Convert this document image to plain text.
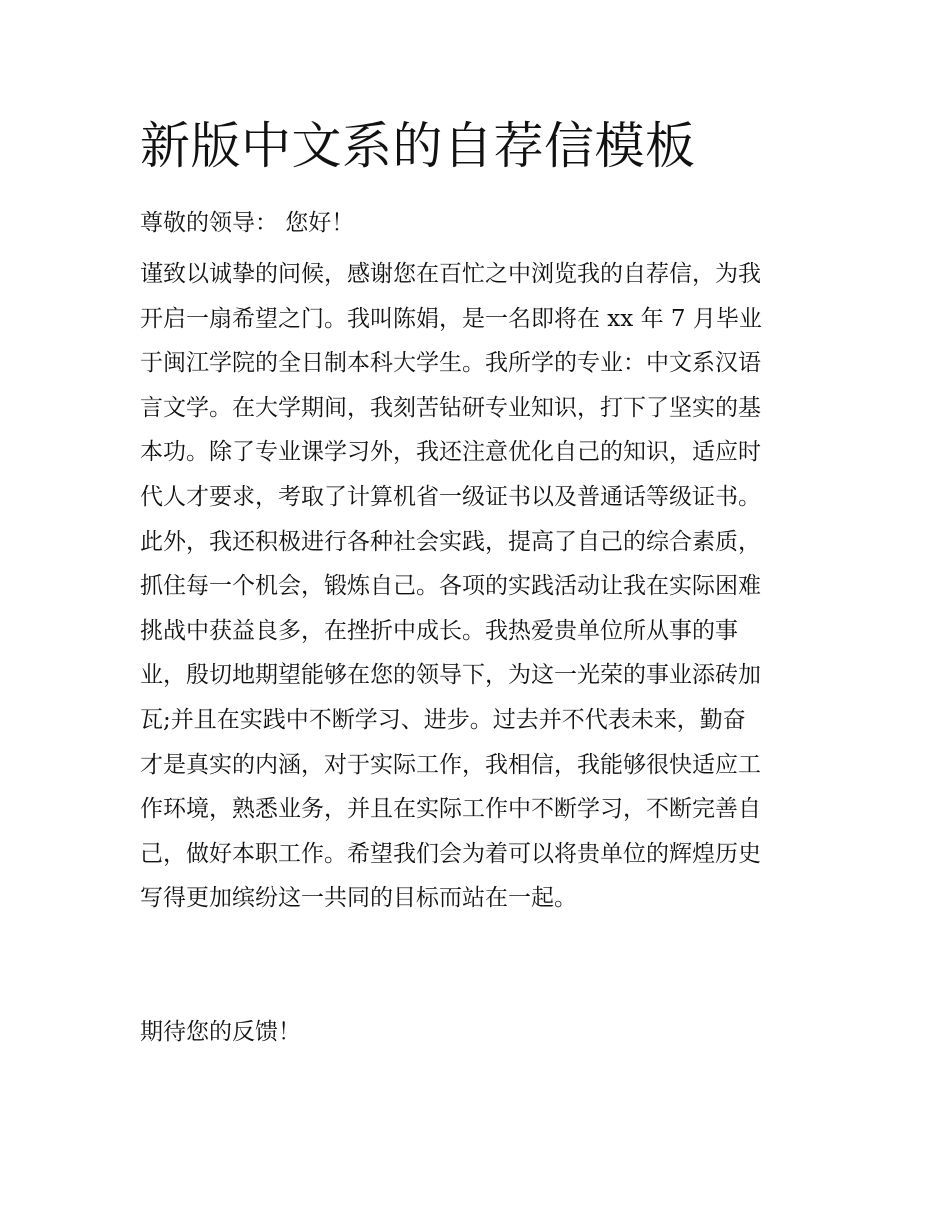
新版中文系的自荐信模板

尊敬的领导： 您好！

谨致以诚挚的问候，感谢您在百忙之中浏览我的自荐信，为我
开启一扇希望之门。我叫陈娟，是一名即将在 xx 年 7 月毕业
于闽江学院的全日制本科大学生。我所学的专业：中文系汉语
言文学。在大学期间，我刻苦钻研专业知识，打下了坚实的基
本功。除了专业课学习外，我还注意优化自己的知识，适应时
代人才要求，考取了计算机省一级证书以及普通话等级证书。
此外，我还积极进行各种社会实践，提高了自己的综合素质，
抓住每一个机会，锻炼自己。各项的实践活动让我在实际困难
挑战中获益良多，在挫折中成长。我热爱贵单位所从事的事
业，殷切地期望能够在您的领导下，为这一光荣的事业添砖加
瓦;并且在实践中不断学习、进步。过去并不代表未来，勤奋
才是真实的内涵，对于实际工作，我相信，我能够很快适应工
作环境，熟悉业务，并且在实际工作中不断学习，不断完善自
己，做好本职工作。希望我们会为着可以将贵单位的辉煌历史
写得更加缤纷这一共同的目标而站在一起。

期待您的反馈！
